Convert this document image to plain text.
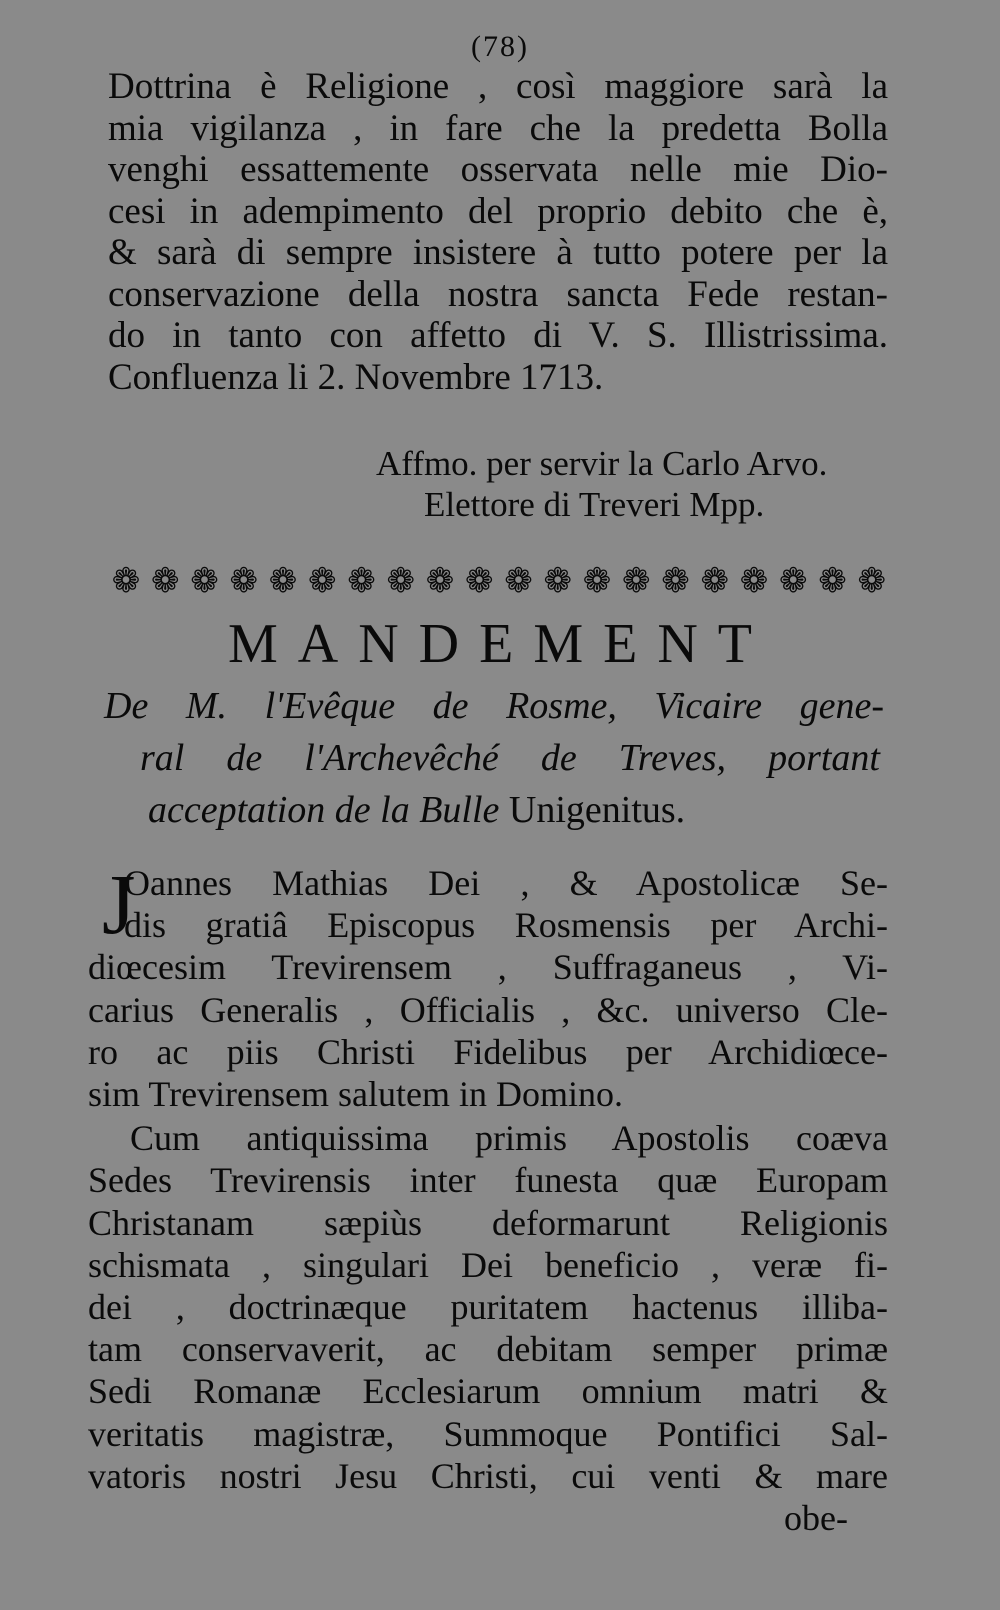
(78)
Dottrina è Religione , così maggiore sarà la
mia vigilanza , in fare che la predetta Bolla
venghi essattemente osservata nelle mie Dio-
cesi in adempimento del proprio debito che è,
& sarà di sempre insistere à tutto potere per la
conservazione della nostra sancta Fede restan-
do in tanto con affetto di V. S. Illistrissima.
Confluenza li 2. Novembre 1713.
Affmo. per servir la Carlo Arvo.
Elettore di Treveri Mpp.
❁ ❁ ❁ ❁ ❁ ❁ ❁ ❁ ❁ ❁ ❁ ❁ ❁ ❁ ❁ ❁ ❁ ❁ ❁ ❁
MANDEMENT
De M. l'Evêque de Rosme, Vicaire gene-
ral de l'Archevêché de Treves, portant
acceptation de la Bulle Unigenitus.
J
Oannes Mathias Dei , & Apostolicæ Se-
dis gratiâ Episcopus Rosmensis per Archi-
diœcesim Trevirensem , Suffraganeus , Vi-
carius Generalis , Officialis , &c. universo Cle-
ro ac piis Christi Fidelibus per Archidiœce-
sim Trevirensem salutem in Domino.
Cum antiquissima primis Apostolis coæva
Sedes Trevirensis inter funesta quæ Europam
Christanam sæpiùs deformarunt Religionis
schismata , singulari Dei beneficio , veræ fi-
dei , doctrinæque puritatem hactenus illiba-
tam conservaverit, ac debitam semper primæ
Sedi Romanæ Ecclesiarum omnium matri &
veritatis magistræ, Summoque Pontifici Sal-
vatoris nostri Jesu Christi, cui venti & mare
obe-
